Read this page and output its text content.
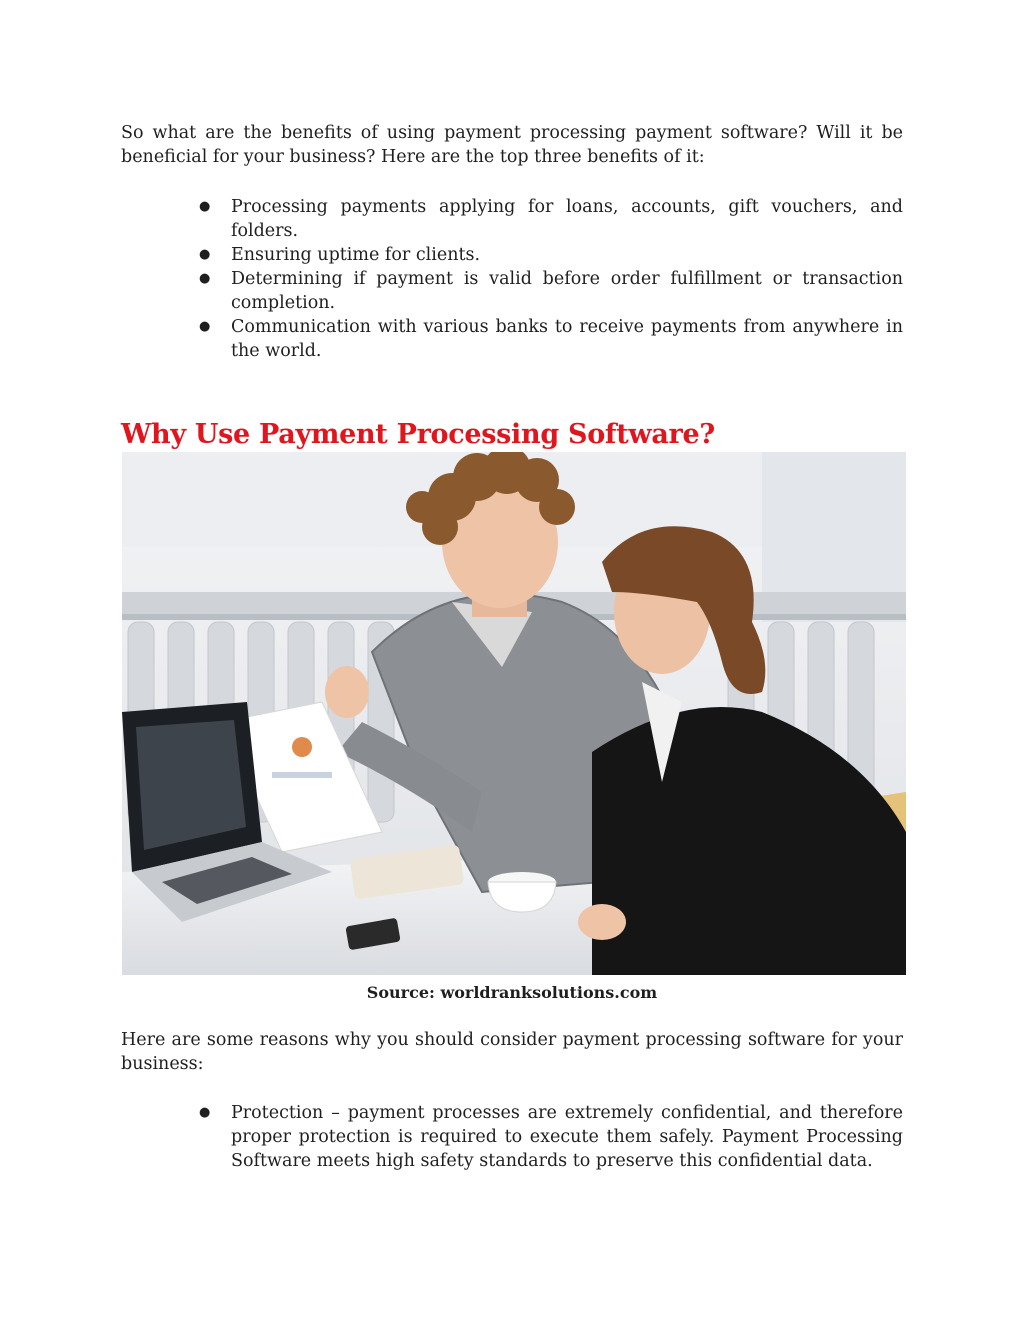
So what are the benefits of using payment processing payment software? Will it be beneficial for your business? Here are the top three benefits of it:

●	Processing payments applying for loans, accounts, gift vouchers, and folders.
●	Ensuring uptime for clients.
●	Determining if payment is valid before order fulfillment or transaction completion.
●	Communication with various banks to receive payments from anywhere in the world.
Why Use Payment Processing Software?
Source: worldranksolutions.com

Here are some reasons why you should consider payment processing software for your business:

●	Protection – payment processes are extremely confidential, and therefore proper protection is required to execute them safely. Payment Processing Software meets high safety standards to preserve this confidential data.
